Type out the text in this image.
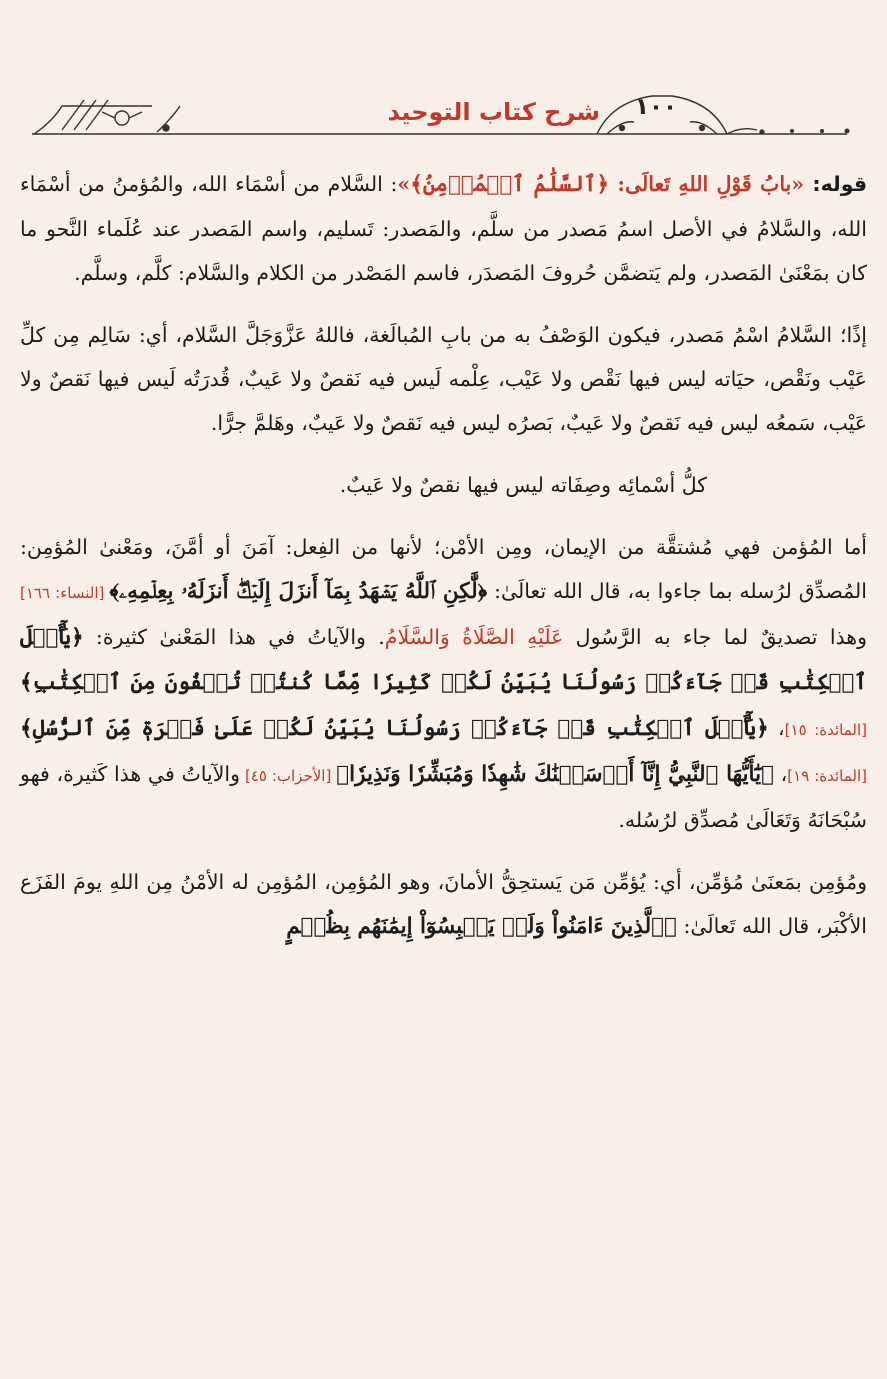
شرح كتاب التوحيد	١٠٠

قوله: «بابُ قَوْلِ اللهِ تَعالَى: ﴿ٱلسَّلَٰمُ ٱلۡمُؤۡمِنُ﴾»: السَّلام من أسْمَاء الله، والمُؤمنُ من أسْمَاء الله، والسَّلامُ في الأصل اسمُ مَصدر من سلَّم، والمَصدر: تَسليم، واسم المَصدر عند عُلَماء النَّحو ما كان بمَعْنَىٰ المَصدر، ولم يَتضمَّن حُروفَ المَصدَر، فاسم المَصْدر من الكلام والسَّلام: كلَّم، وسلَّم.

إذًا؛ السَّلامُ اسْمُ مَصدر، فيكون الوَصْفُ به من بابِ المُبالَغة، فاللهُ عَزَّوَجَلَّ السَّلام، أي: سَالِم مِن كلِّ عَيْب ونَقْص، حيَاته ليس فيها نَقْص ولا عَيْب، عِلْمه لَيس فيه نَقصٌ ولا عَيبٌ، قُدرَتُه لَيس فيها نَقصٌ ولا عَيْب، سَمعُه ليس فيه نَقصٌ ولا عَيبٌ، بَصرُه ليس فيه نَقصٌ ولا عَيبٌ، وهَلمَّ جرًّا.

كلُّ أسْمائِه وصِفَاته ليس فيها نقصٌ ولا عَيبٌ.

أما المُؤمن فهي مُشتقَّة من الإيمان، ومِن الأمْن؛ لأنها من الفِعل: آمَنَ أو أمَّنَ، ومَعْنىٰ المُؤمِن: المُصدِّق لرُسله بما جاءوا به، قال الله تعالَىٰ: ﴿لَّٰكِنِ ٱللَّهُ يَشۡهَدُ بِمَآ أَنزَلَ إِلَيۡكَۖ أَنزَلَهُۥ بِعِلۡمِهِۦ﴾ [النساء: ١٦٦] وهذا تصديقٌ لما جاء به الرَّسُول عَلَيْهِ الصَّلَاةُ وَالسَّلَامُ. والآياتُ في هذا المَعْنىٰ كثيرة: ﴿يَٰٓأَهۡلَ ٱلۡكِتَٰبِ قَدۡ جَآءَكُمۡ رَسُولُنَا يُبَيِّنُ لَكُمۡ كَثِيرٗا مِّمَّا كُنتُمۡ تُخۡفُونَ مِنَ ٱلۡكِتَٰبِ﴾ [المائدة: ١٥]، ﴿يَٰٓأَهۡلَ ٱلۡكِتَٰبِ قَدۡ جَآءَكُمۡ رَسُولُنَا يُبَيِّنُ لَكُمۡ عَلَىٰ فَتۡرَةٖ مِّنَ ٱلرُّسُلِ﴾ [المائدة: ١٩]، ﴿يَٰٓأَيُّهَا ٱلنَّبِيُّ إِنَّآ أَرۡسَلۡنَٰكَ شَٰهِدٗا وَمُبَشِّرٗا وَنَذِيرٗا﴾ [الأحزاب: ٤٥] والآياتُ في هذا كَثيرة، فهو سُبْحَانَهُ وَتَعَالَىٰ مُصدِّق لرُسُله.

ومُؤمِن بمَعنَىٰ مُؤمِّن، أي: يُؤمِّن مَن يَستحِقُّ الأمانَ، وهو المُؤمِن، المُؤمِن له الأمْنُ مِن اللهِ يومَ الفَزَع الأكْبَر، قال الله تَعالَىٰ: ﴿ٱلَّذِينَ ءَامَنُواْ وَلَمۡ يَلۡبِسُوٓاْ إِيمَٰنَهُم بِظُلۡمٍ
